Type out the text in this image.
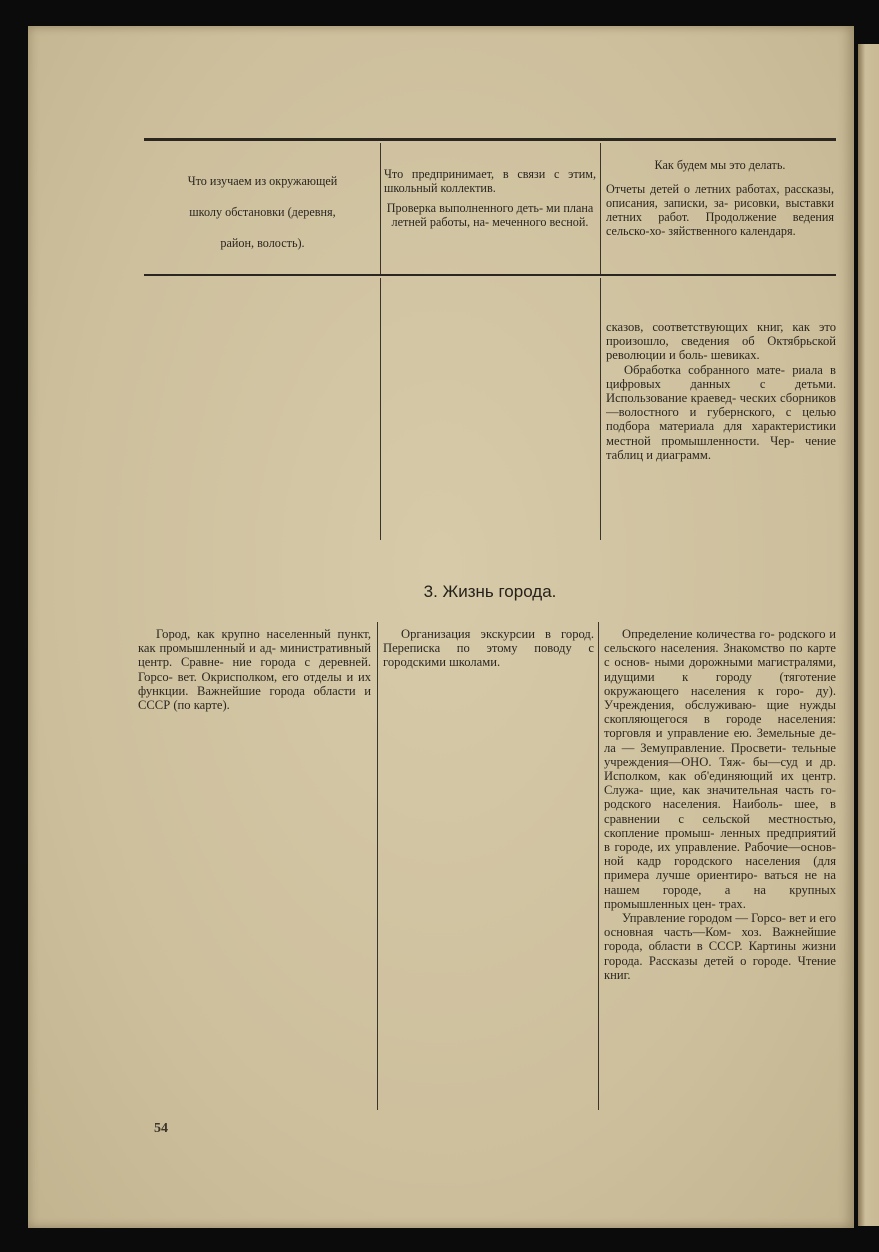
Что изучаем из окружающей

школу обстановки (деревня,

район, волость).

Что предпринимает, в связи с этим, школьный коллектив.

Проверка выполненного деть- ми плана летней работы, на- меченного весной.

Как будем мы это делать.

Отчеты детей о летних работах, рассказы, описания, записки, за- рисовки, выставки летних работ. Продолжение ведения сельско-хо- зяйственного календаря.

сказов, соответствующих книг, как это произошло, сведения об Октябрьской революции и боль- шевиках.

Обработка собранного мате- риала в цифровых данных с детьми. Использование краевед- ческих сборников—волостного и губернского, с целью подбора материала для характеристики местной промышленности. Чер- чение таблиц и диаграмм.

3. Жизнь города.

Город, как крупно населенный пункт, как промышленный и ад- министративный центр. Сравне- ние города с деревней. Горсо- вет. Окрисполком, его отделы и их функции. Важнейшие города области и СССР (по карте).

Организация экскурсии в город. Переписка по этому поводу с городскими школами.

Определение количества го- родского и сельского населения. Знакомство по карте с основ- ными дорожными магистралями, идущими к городу (тяготение окружающего населения к горо- ду). Учреждения, обслуживаю- щие нужды скопляющегося в городе населения: торговля и управление ею. Земельные де- ла — Земуправление. Просвети- тельные учреждения—ОНО. Тяж- бы—суд и др. Исполком, как об'единяющий их центр. Служа- щие, как значительная часть го- родского населения. Наиболь- шее, в сравнении с сельской местностью, скопление промыш- ленных предприятий в городе, их управление. Рабочие—основ- ной кадр городского населения (для примера лучше ориентиро- ваться не на нашем городе, а на крупных промышленных цен- трах.

Управление городом — Горсо- вет и его основная часть—Ком- хоз. Важнейшие города, области в СССР. Картины жизни города. Рассказы детей о городе. Чтение книг.

54
